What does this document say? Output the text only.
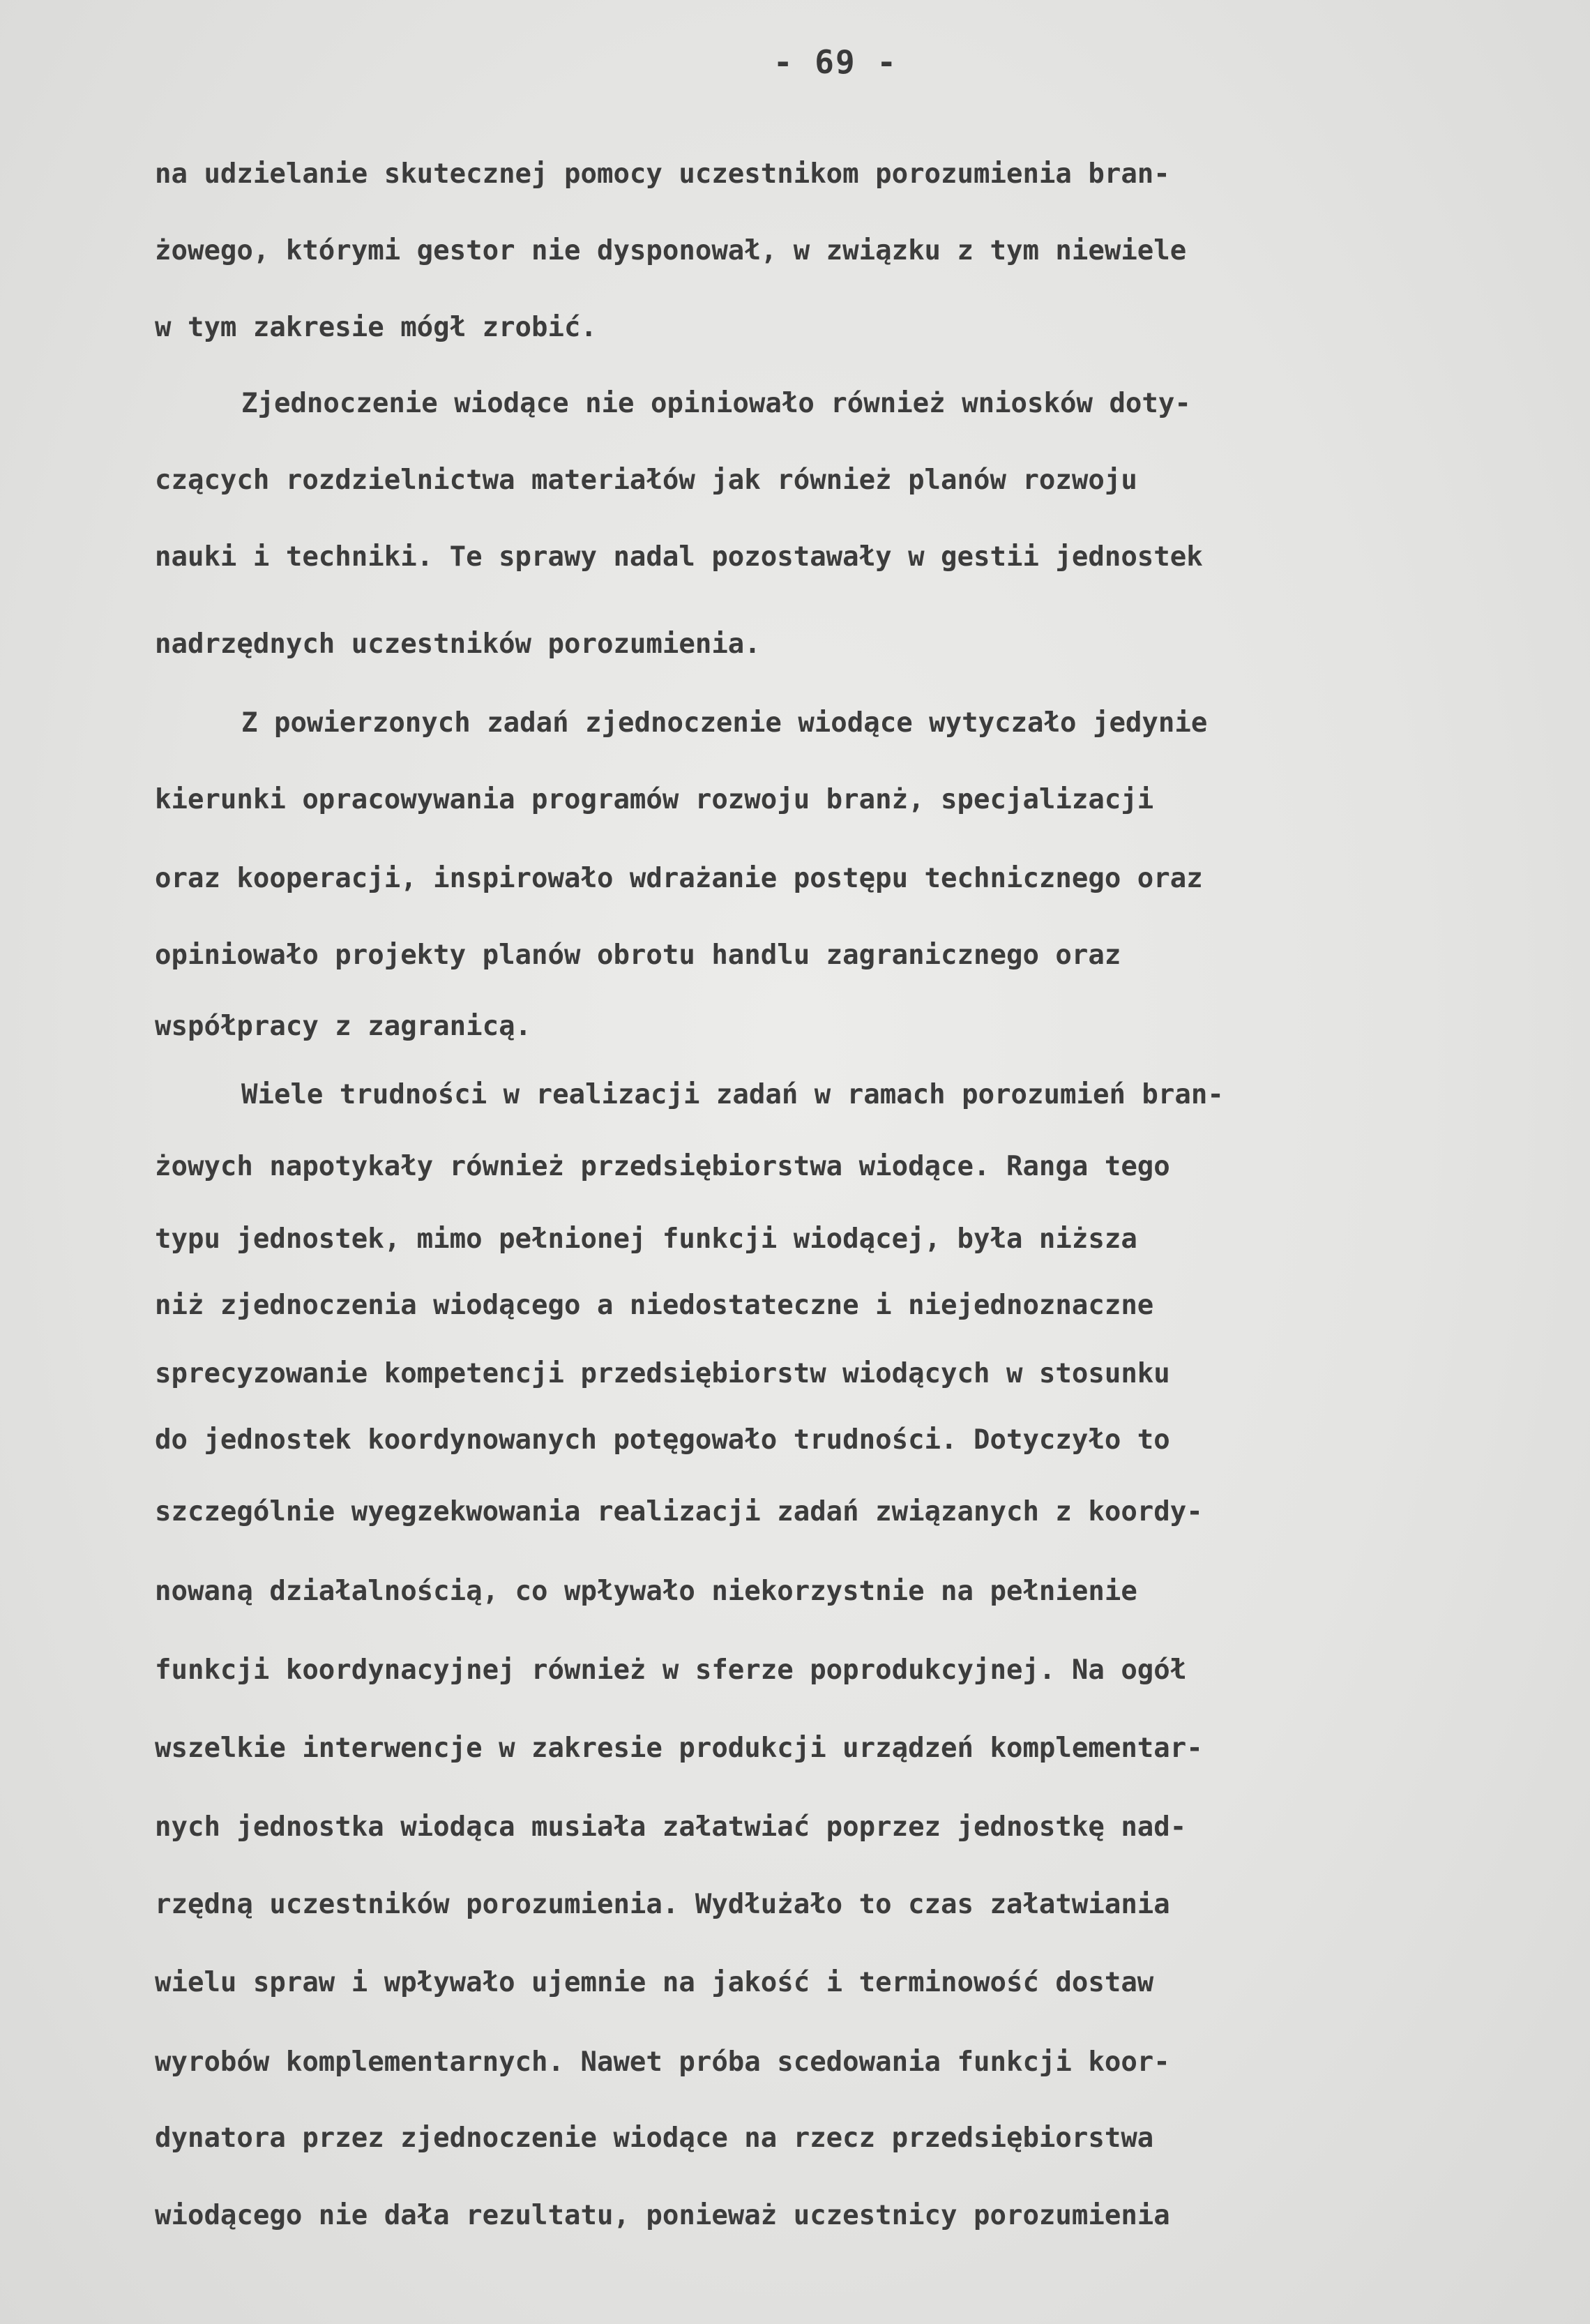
- 69 -
na udzielanie skutecznej pomocy uczestnikom porozumienia bran-
żowego, którymi gestor nie dysponował, w związku z tym niewiele
w tym zakresie mógł zrobić.
Zjednoczenie wiodące nie opiniowało również wniosków doty-
czących rozdzielnictwa materiałów jak również planów rozwoju
nauki i techniki. Te sprawy nadal pozostawały w gestii jednostek
nadrzędnych uczestników porozumienia.
Z powierzonych zadań zjednoczenie wiodące wytyczało jedynie
kierunki opracowywania programów rozwoju branż, specjalizacji
oraz kooperacji, inspirowało wdrażanie postępu technicznego oraz
opiniowało projekty planów obrotu handlu zagranicznego oraz
współpracy z zagranicą.
Wiele trudności w realizacji zadań w ramach porozumień bran-
żowych napotykały również przedsiębiorstwa wiodące. Ranga tego
typu jednostek, mimo pełnionej funkcji wiodącej, była niższa
niż zjednoczenia wiodącego a niedostateczne i niejednoznaczne
sprecyzowanie kompetencji przedsiębiorstw wiodących w stosunku
do jednostek koordynowanych potęgowało trudności. Dotyczyło to
szczególnie wyegzekwowania realizacji zadań związanych z koordy-
nowaną działalnością, co wpływało niekorzystnie na pełnienie
funkcji koordynacyjnej również w sferze poprodukcyjnej. Na ogół
wszelkie interwencje w zakresie produkcji urządzeń komplementar-
nych jednostka wiodąca musiała załatwiać poprzez jednostkę nad-
rzędną uczestników porozumienia. Wydłużało to czas załatwiania
wielu spraw i wpływało ujemnie na jakość i terminowość dostaw
wyrobów komplementarnych. Nawet próba scedowania funkcji koor-
dynatora przez zjednoczenie wiodące na rzecz przedsiębiorstwa
wiodącego nie dała rezultatu, ponieważ uczestnicy porozumienia
